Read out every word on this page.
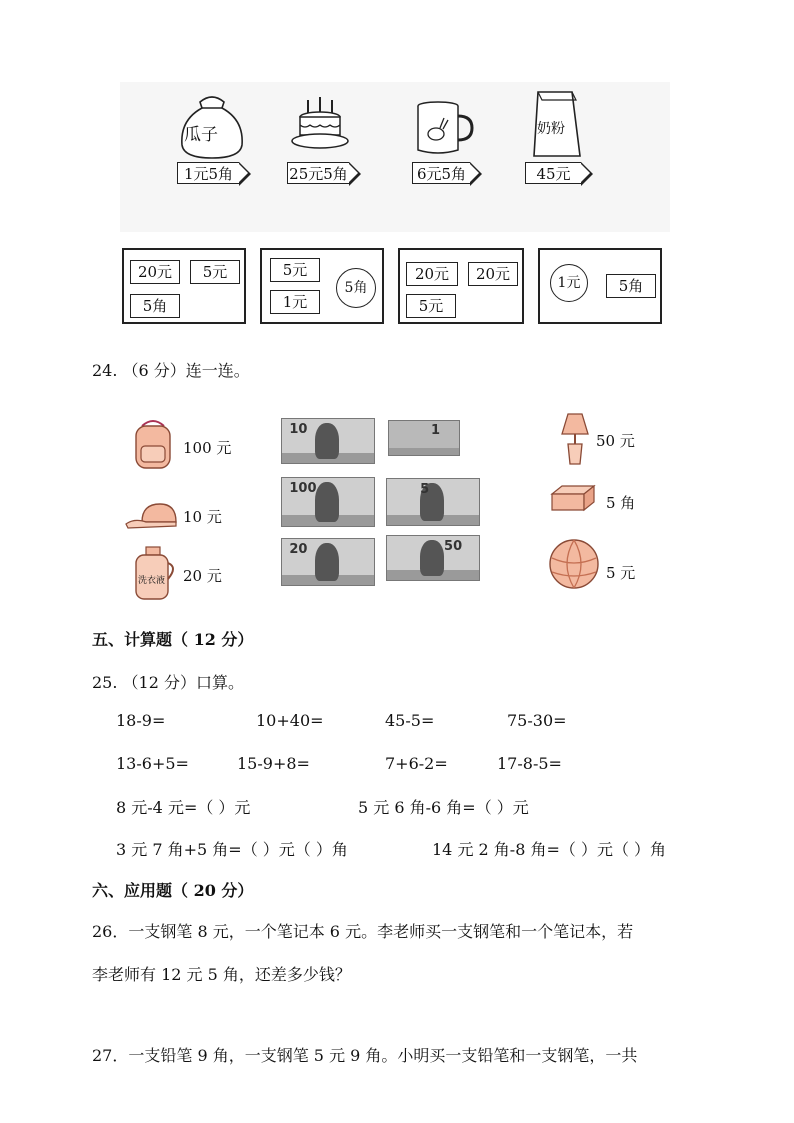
瓜子
1元5角	25元5角	6元5角
奶粉
45元
20元	5元
5角
5元
1元
5角
20元	20元
5元
1元	5角
24. （6 分）连一连。
100 元
10 元
洗衣液 20 元
10	1
100	5
20	50
50 元
5 角
5 元
五、计算题（ 12 分）
25. （12 分）口算。
18-9=	10+40=	45-5=	75-30=
13-6+5=	15-9+8=	7+6-2=	17-8-5=
8 元-4 元=（ ）元	5 元 6 角-6 角=（ ）元
3 元 7 角+5 角=（ ）元（ ）角	14 元 2 角-8 角=（ ）元（ ）角
六、应用题（ 20 分）
26．一支钢笔 8 元，一个笔记本 6 元。李老师买一支钢笔和一个笔记本，若
李老师有 12 元 5 角，还差多少钱？
27．一支铅笔 9 角，一支钢笔 5 元 9 角。小明买一支铅笔和一支钢笔，一共
